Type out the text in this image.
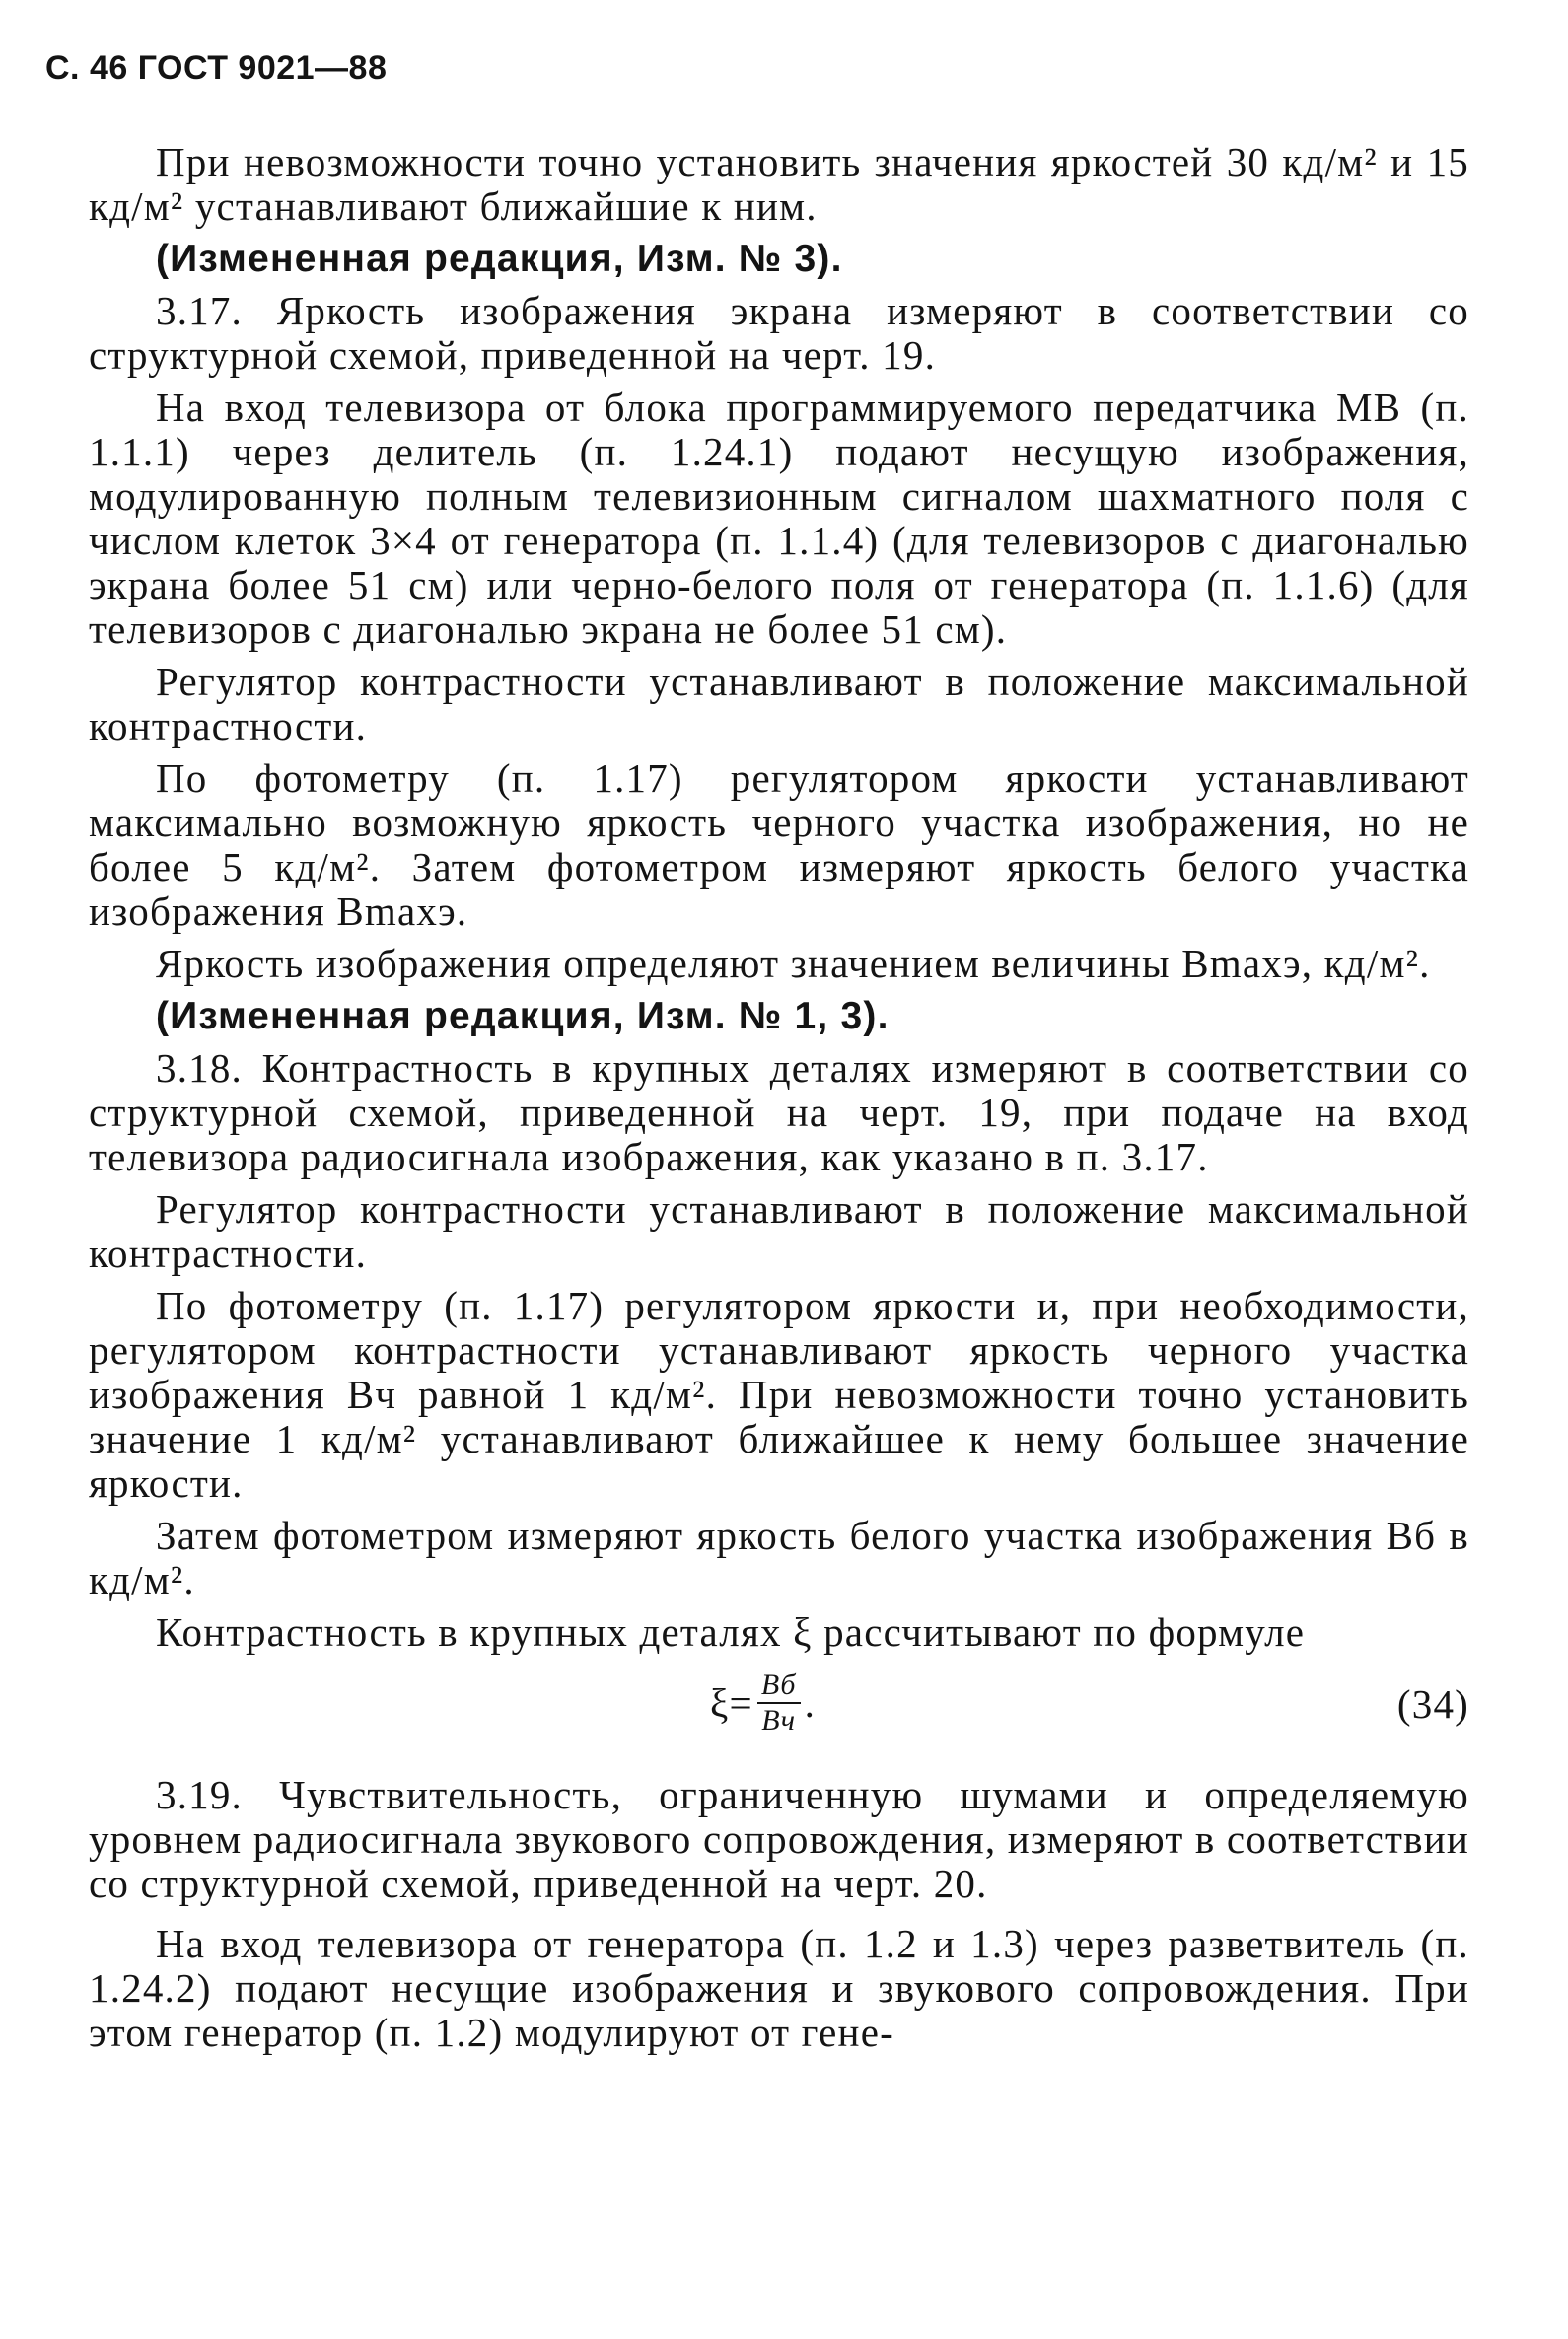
С. 46 ГОСТ 9021—88

При невозможности точно установить значения яркостей 30 кд/м² и 15 кд/м² устанавливают ближайшие к ним.

(Измененная редакция, Изм. № 3).

3.17. Яркость изображения экрана измеряют в соответствии со структурной схемой, приведенной на черт. 19.

На вход телевизора от блока программируемого передатчика МВ (п. 1.1.1) через делитель (п. 1.24.1) подают несущую изображения, модулированную полным телевизионным сигналом шахматного поля с числом клеток 3×4 от генератора (п. 1.1.4) (для телевизоров с диагональю экрана более 51 см) или черно-белого поля от генератора (п. 1.1.6) (для телевизоров с диагональю экрана не более 51 см).

Регулятор контрастности устанавливают в положение максимальной контрастности.

По фотометру (п. 1.17) регулятором яркости устанавливают максимально возможную яркость черного участка изображения, но не более 5 кд/м². Затем фотометром измеряют яркость белого участка изображения Bmaxэ.

Яркость изображения определяют значением величины Bmaxэ, кд/м².

(Измененная редакция, Изм. № 1, 3).

3.18. Контрастность в крупных деталях измеряют в соответствии со структурной схемой, приведенной на черт. 19, при подаче на вход телевизора радиосигнала изображения, как указано в п. 3.17.

Регулятор контрастности устанавливают в положение максимальной контрастности.

По фотометру (п. 1.17) регулятором яркости и, при необходимости, регулятором контрастности устанавливают яркость черного участка изображения Bч равной 1 кд/м². При невозможности точно установить значение 1 кд/м² устанавливают ближайшее к нему большее значение яркости.

Затем фотометром измеряют яркость белого участка изображения Bб в кд/м².

Контрастность в крупных деталях ξ рассчитывают по формуле

$\xi= \frac{Bб}{Bч}$ .	(34)

3.19. Чувствительность, ограниченную шумами и определяемую уровнем радиосигнала звукового сопровождения, измеряют в соответствии со структурной схемой, приведенной на черт. 20.

На вход телевизора от генератора (п. 1.2 и 1.3) через разветвитель (п. 1.24.2) подают несущие изображения и звукового сопровождения. При этом генератор (п. 1.2) модулируют от гене-
